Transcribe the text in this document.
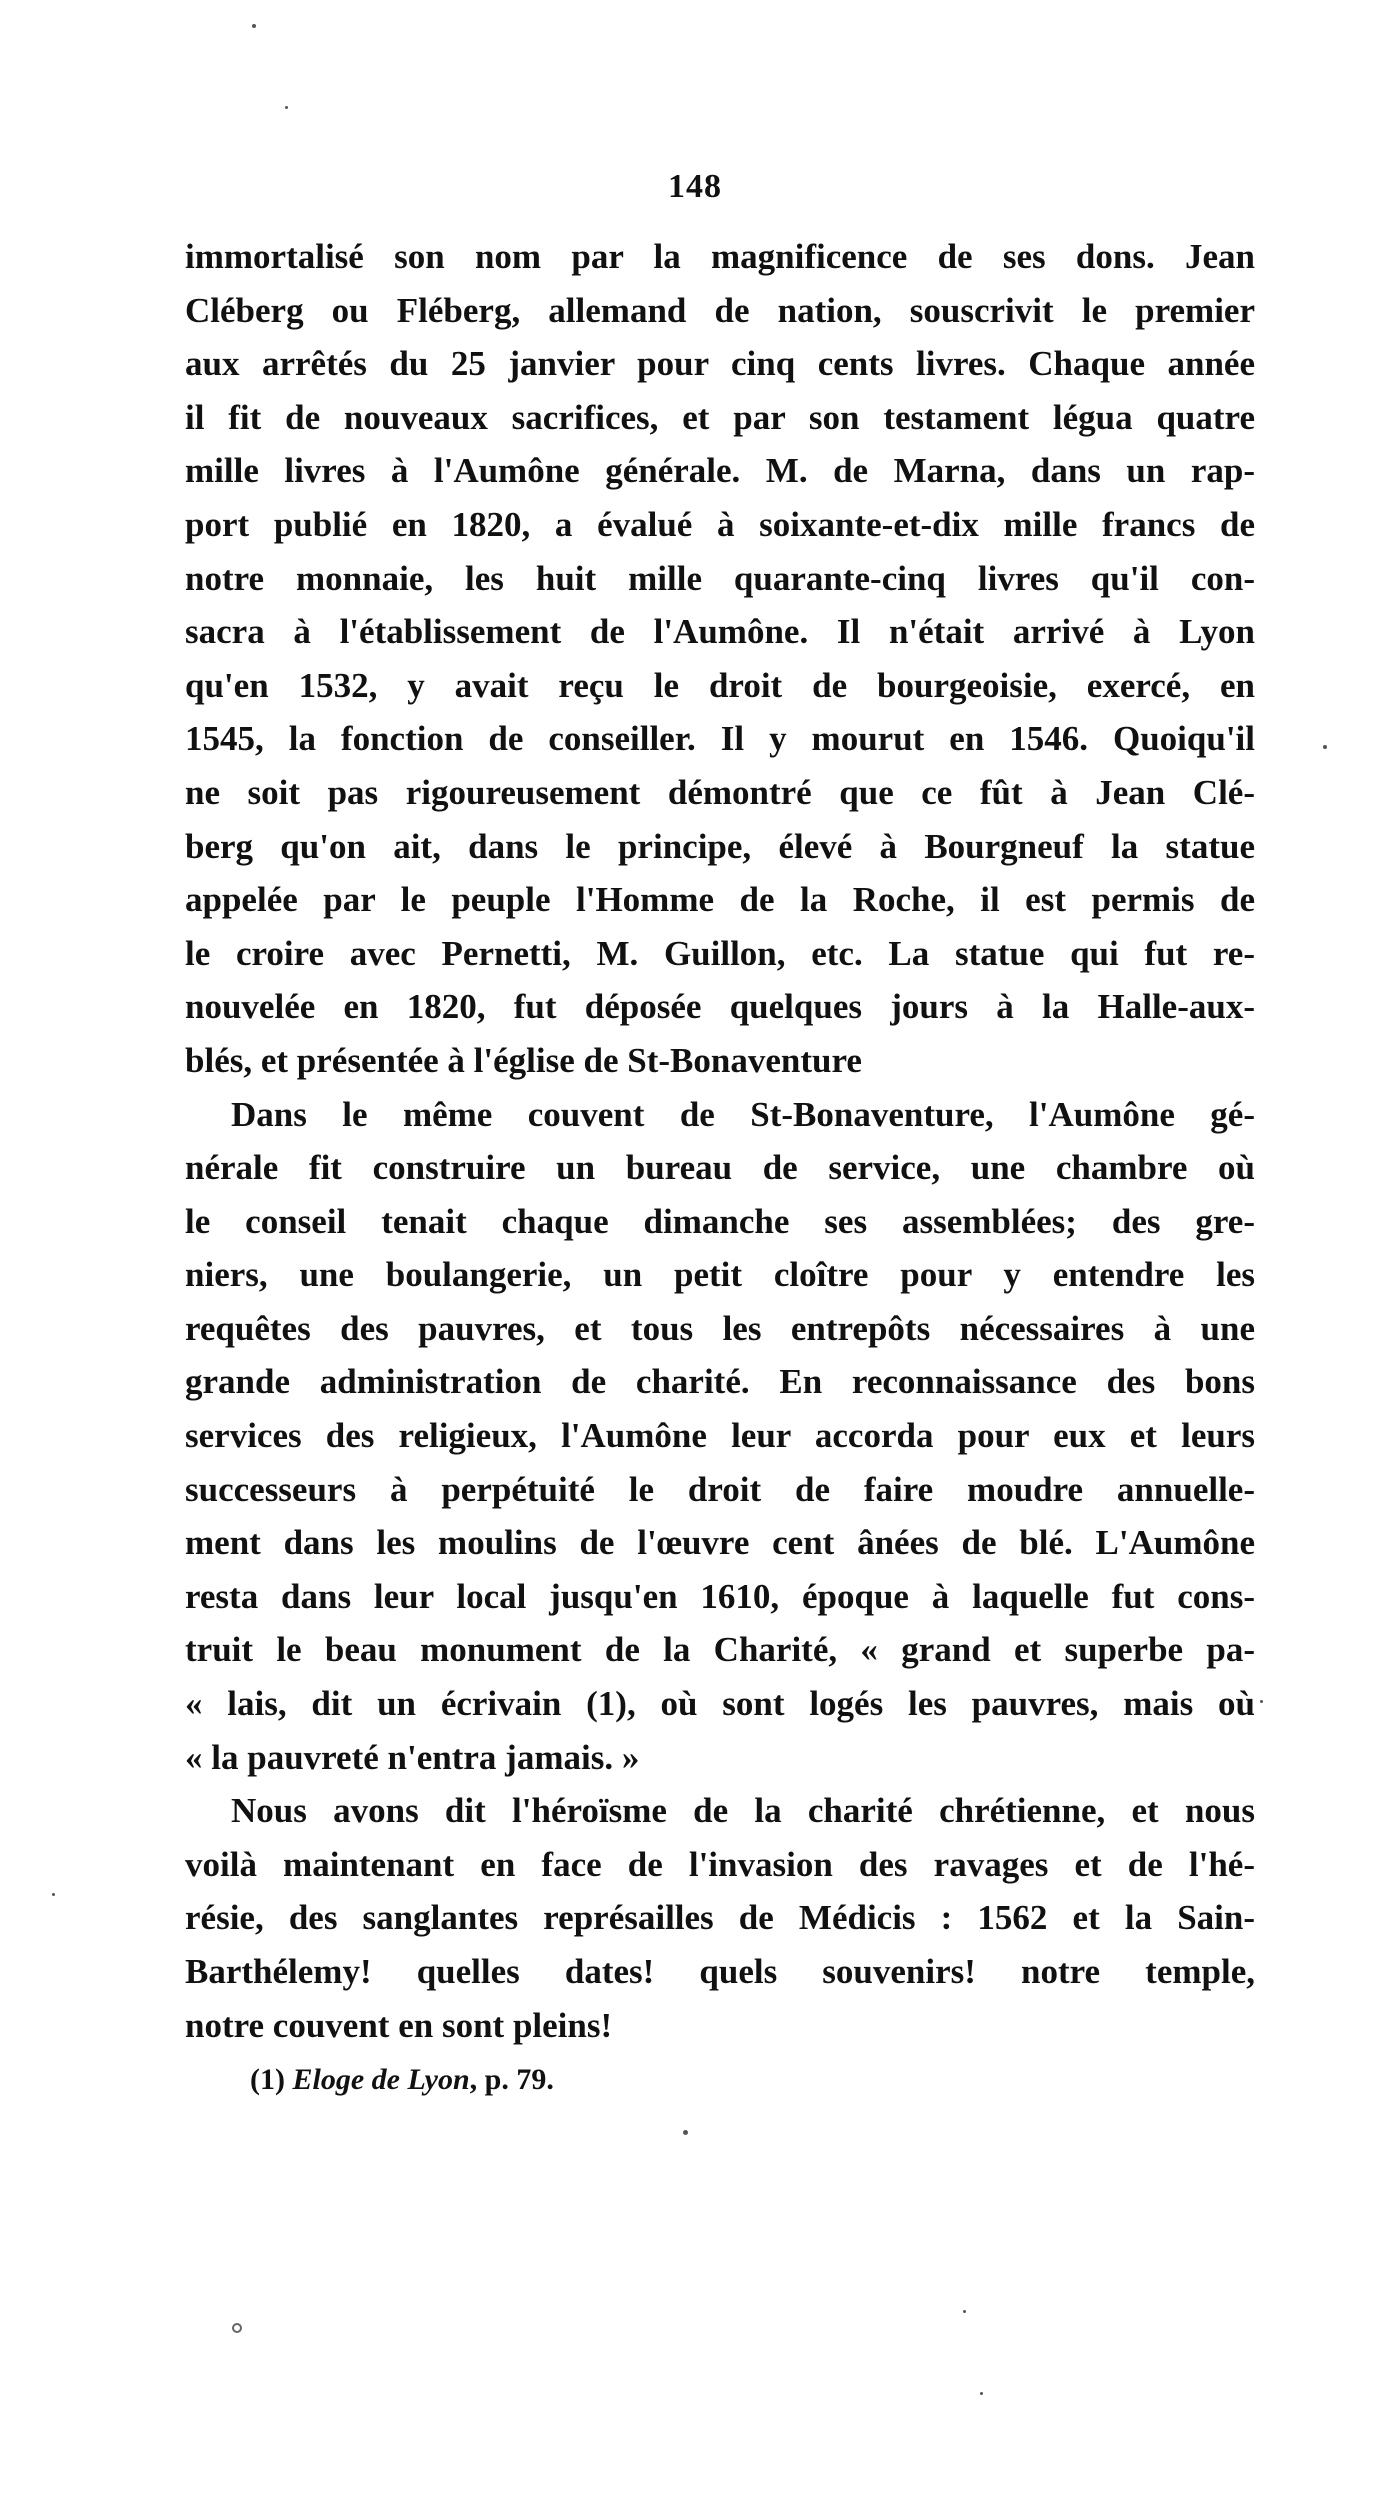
148
immortalisé son nom par la magnificence de ses dons. Jean
Cléberg ou Fléberg, allemand de nation, souscrivit le premier
aux arrêtés du 25 janvier pour cinq cents livres. Chaque année
il fit de nouveaux sacrifices, et par son testament légua quatre
mille livres à l'Aumône générale. M. de Marna, dans un rap-
port publié en 1820, a évalué à soixante-et-dix mille francs de
notre monnaie, les huit mille quarante-cinq livres qu'il con-
sacra à l'établissement de l'Aumône. Il n'était arrivé à Lyon
qu'en 1532, y avait reçu le droit de bourgeoisie, exercé, en
1545, la fonction de conseiller. Il y mourut en 1546. Quoiqu'il
ne soit pas rigoureusement démontré que ce fût à Jean Clé-
berg qu'on ait, dans le principe, élevé à Bourgneuf la statue
appelée par le peuple l'Homme de la Roche, il est permis de
le croire avec Pernetti, M. Guillon, etc. La statue qui fut re-
nouvelée en 1820, fut déposée quelques jours à la Halle-aux-
blés, et présentée à l'église de St-Bonaventure
Dans le même couvent de St-Bonaventure, l'Aumône gé-
nérale fit construire un bureau de service, une chambre où
le conseil tenait chaque dimanche ses assemblées; des gre-
niers, une boulangerie, un petit cloître pour y entendre les
requêtes des pauvres, et tous les entrepôts nécessaires à une
grande administration de charité. En reconnaissance des bons
services des religieux, l'Aumône leur accorda pour eux et leurs
successeurs à perpétuité le droit de faire moudre annuelle-
ment dans les moulins de l'œuvre cent ânées de blé. L'Aumône
resta dans leur local jusqu'en 1610, époque à laquelle fut cons-
truit le beau monument de la Charité, « grand et superbe pa-
« lais, dit un écrivain (1), où sont logés les pauvres, mais où
« la pauvreté n'entra jamais. »
Nous avons dit l'héroïsme de la charité chrétienne, et nous
voilà maintenant en face de l'invasion des ravages et de l'hé-
résie, des sanglantes représailles de Médicis : 1562 et la Sain-
Barthélemy! quelles dates! quels souvenirs! notre temple,
notre couvent en sont pleins!
(1) Eloge de Lyon, p. 79.
